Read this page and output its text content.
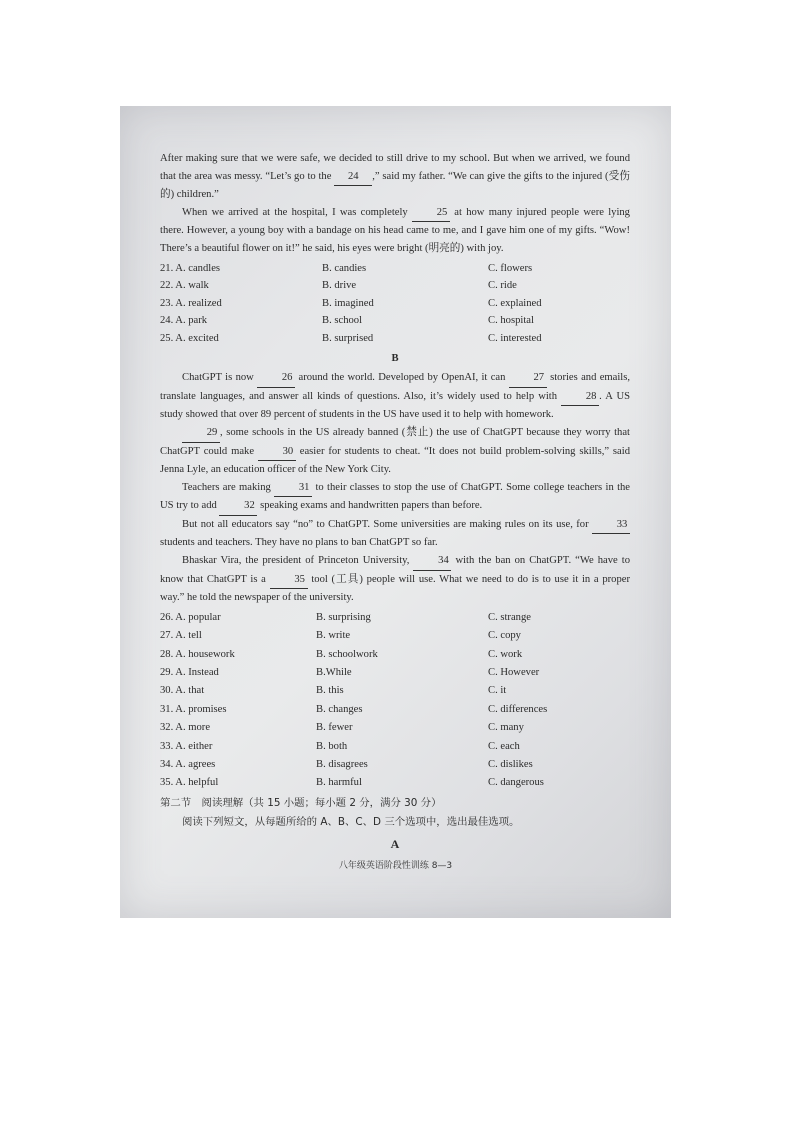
After making sure that we were safe, we decided to still drive to my school. But when we arrived, we found that the area was messy. “Let’s go to the 24 ,” said my father. “We can give the gifts to the injured (受伤的) children.”

When we arrived at the hospital, I was completely 25 at how many injured people were lying there. However, a young boy with a bandage on his head came to me, and I gave him one of my gifts. “Wow! There’s a beautiful flower on it!” he said, his eyes were bright (明亮的) with joy.

21. A. candles	B. candies	C. flowers
22. A. walk	B. drive	C. ride
23. A. realized	B. imagined	C. explained
24. A. park	B. school	C. hospital
25. A. excited	B. surprised	C. interested
B

ChatGPT is now 26 around the world. Developed by OpenAI, it can 27 stories and emails, translate languages, and answer all kinds of questions. Also, it’s widely used to help with 28 . A US study showed that over 89 percent of students in the US have used it to help with homework.

29 , some schools in the US already banned (禁止) the use of ChatGPT because they worry that ChatGPT could make 30 easier for students to cheat. “It does not build problem-solving skills,” said Jenna Lyle, an education officer of the New York City.

Teachers are making 31 to their classes to stop the use of ChatGPT. Some college teachers in the US try to add 32 speaking exams and handwritten papers than before.

But not all educators say “no” to ChatGPT. Some universities are making rules on its use, for 33 students and teachers. They have no plans to ban ChatGPT so far.

Bhaskar Vira, the president of Princeton University, 34 with the ban on ChatGPT. “We have to know that ChatGPT is a 35 tool (工具) people will use. What we need to do is to use it in a proper way.” he told the newspaper of the university.

26. A. popular	B. surprising	C. strange
27. A. tell	B. write	C. copy
28. A. housework	B. schoolwork	C. work
29. A. Instead	B.While	C. However
30. A. that	B. this	C. it
31. A. promises	B. changes	C. differences
32. A. more	B. fewer	C. many
33. A. either	B. both	C. each
34. A. agrees	B. disagrees	C. dislikes
35. A. helpful	B. harmful	C. dangerous
第二节　阅读理解（共 15 小题；每小题 2 分，满分 30 分）
阅读下列短文，从每题所给的 A、B、C、D 三个选项中，选出最佳选项。
A
八年级英语阶段性训练 8—3
